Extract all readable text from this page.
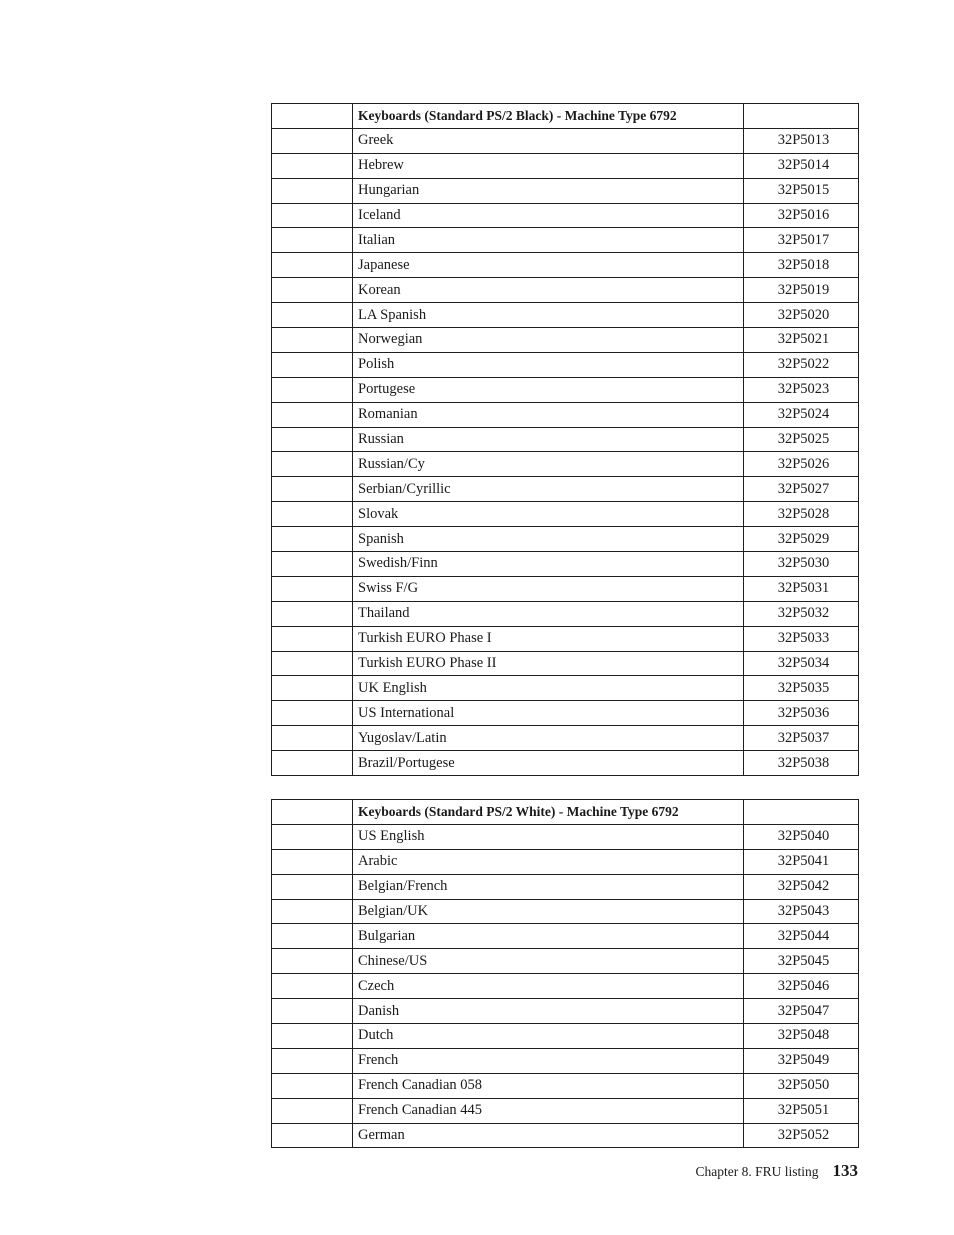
	Keyboards (Standard PS/2 Black) - Machine Type 6792	
	Greek	32P5013
	Hebrew	32P5014
	Hungarian	32P5015
	Iceland	32P5016
	Italian	32P5017
	Japanese	32P5018
	Korean	32P5019
	LA Spanish	32P5020
	Norwegian	32P5021
	Polish	32P5022
	Portugese	32P5023
	Romanian	32P5024
	Russian	32P5025
	Russian/Cy	32P5026
	Serbian/Cyrillic	32P5027
	Slovak	32P5028
	Spanish	32P5029
	Swedish/Finn	32P5030
	Swiss F/G	32P5031
	Thailand	32P5032
	Turkish EURO Phase I	32P5033
	Turkish EURO Phase II	32P5034
	UK English	32P5035
	US International	32P5036
	Yugoslav/Latin	32P5037
	Brazil/Portugese	32P5038
	Keyboards (Standard PS/2 White) - Machine Type 6792	
	US English	32P5040
	Arabic	32P5041
	Belgian/French	32P5042
	Belgian/UK	32P5043
	Bulgarian	32P5044
	Chinese/US	32P5045
	Czech	32P5046
	Danish	32P5047
	Dutch	32P5048
	French	32P5049
	French Canadian 058	32P5050
	French Canadian 445	32P5051
	German	32P5052
Chapter 8. FRU listing 133
